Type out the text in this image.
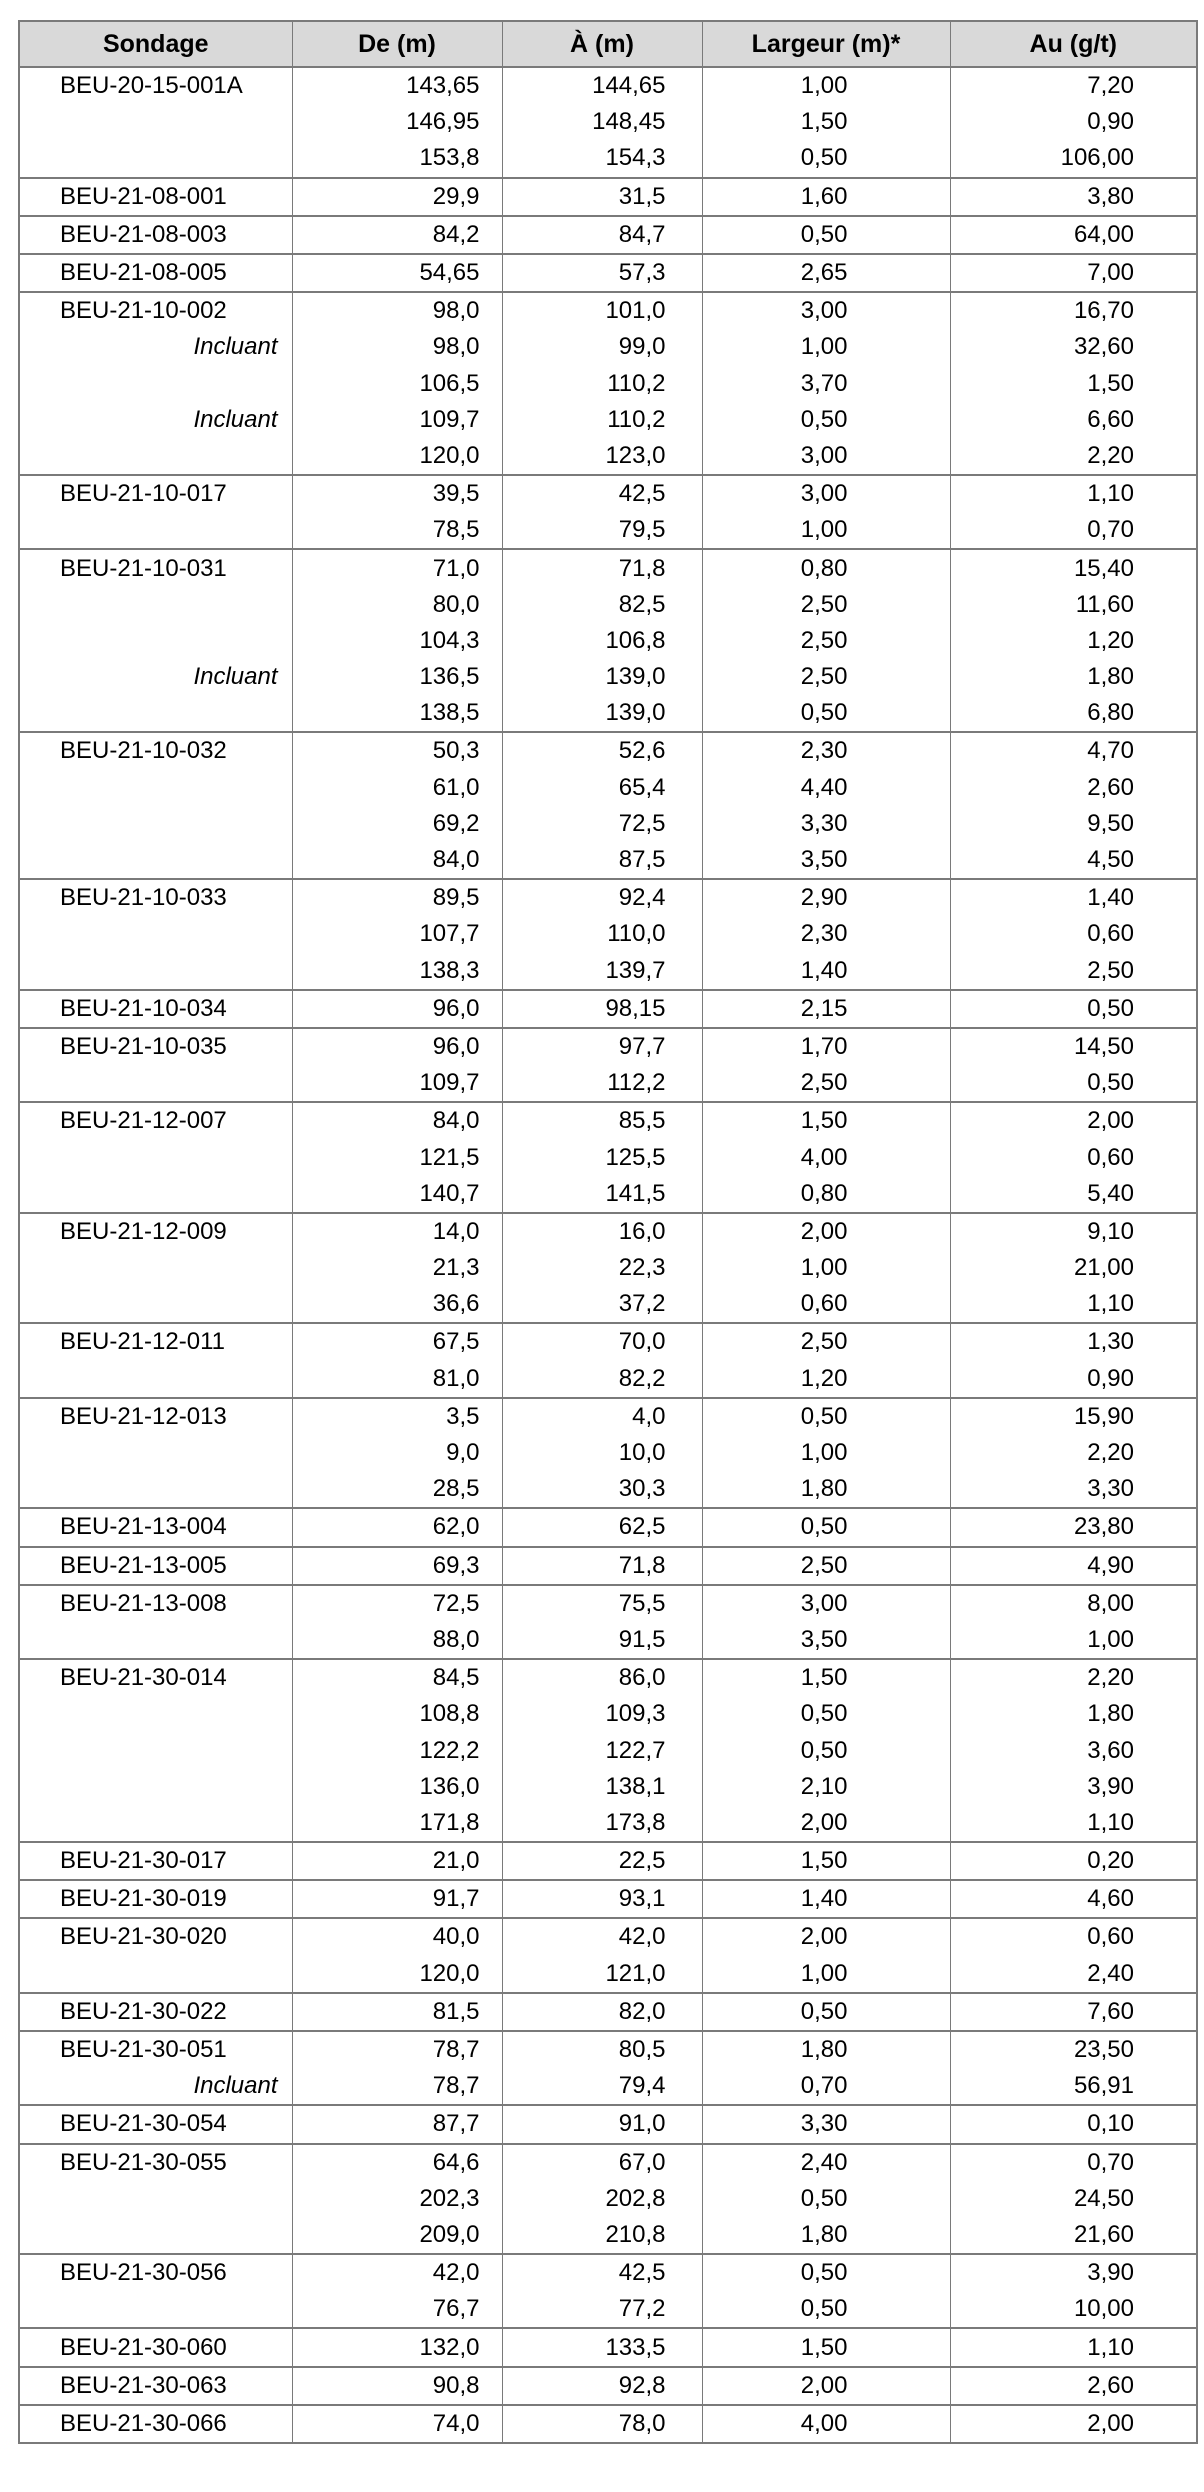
Sondage	De (m)	À (m)	Largeur (m)*	Au (g/t)
BEU-20-15-001A	143,65	144,65	1,00	7,20
	146,95	148,45	1,50	0,90
	153,8	154,3	0,50	106,00
BEU-21-08-001	29,9	31,5	1,60	3,80
BEU-21-08-003	84,2	84,7	0,50	64,00
BEU-21-08-005	54,65	57,3	2,65	7,00
BEU-21-10-002	98,0	101,0	3,00	16,70
Incluant	98,0	99,0	1,00	32,60
	106,5	110,2	3,70	1,50
Incluant	109,7	110,2	0,50	6,60
	120,0	123,0	3,00	2,20
BEU-21-10-017	39,5	42,5	3,00	1,10
	78,5	79,5	1,00	0,70
BEU-21-10-031	71,0	71,8	0,80	15,40
	80,0	82,5	2,50	11,60
	104,3	106,8	2,50	1,20
Incluant	136,5	139,0	2,50	1,80
	138,5	139,0	0,50	6,80
BEU-21-10-032	50,3	52,6	2,30	4,70
	61,0	65,4	4,40	2,60
	69,2	72,5	3,30	9,50
	84,0	87,5	3,50	4,50
BEU-21-10-033	89,5	92,4	2,90	1,40
	107,7	110,0	2,30	0,60
	138,3	139,7	1,40	2,50
BEU-21-10-034	96,0	98,15	2,15	0,50
BEU-21-10-035	96,0	97,7	1,70	14,50
	109,7	112,2	2,50	0,50
BEU-21-12-007	84,0	85,5	1,50	2,00
	121,5	125,5	4,00	0,60
	140,7	141,5	0,80	5,40
BEU-21-12-009	14,0	16,0	2,00	9,10
	21,3	22,3	1,00	21,00
	36,6	37,2	0,60	1,10
BEU-21-12-011	67,5	70,0	2,50	1,30
	81,0	82,2	1,20	0,90
BEU-21-12-013	3,5	4,0	0,50	15,90
	9,0	10,0	1,00	2,20
	28,5	30,3	1,80	3,30
BEU-21-13-004	62,0	62,5	0,50	23,80
BEU-21-13-005	69,3	71,8	2,50	4,90
BEU-21-13-008	72,5	75,5	3,00	8,00
	88,0	91,5	3,50	1,00
BEU-21-30-014	84,5	86,0	1,50	2,20
	108,8	109,3	0,50	1,80
	122,2	122,7	0,50	3,60
	136,0	138,1	2,10	3,90
	171,8	173,8	2,00	1,10
BEU-21-30-017	21,0	22,5	1,50	0,20
BEU-21-30-019	91,7	93,1	1,40	4,60
BEU-21-30-020	40,0	42,0	2,00	0,60
	120,0	121,0	1,00	2,40
BEU-21-30-022	81,5	82,0	0,50	7,60
BEU-21-30-051	78,7	80,5	1,80	23,50
Incluant	78,7	79,4	0,70	56,91
BEU-21-30-054	87,7	91,0	3,30	0,10
BEU-21-30-055	64,6	67,0	2,40	0,70
	202,3	202,8	0,50	24,50
	209,0	210,8	1,80	21,60
BEU-21-30-056	42,0	42,5	0,50	3,90
	76,7	77,2	0,50	10,00
BEU-21-30-060	132,0	133,5	1,50	1,10
BEU-21-30-063	90,8	92,8	2,00	2,60
BEU-21-30-066	74,0	78,0	4,00	2,00
